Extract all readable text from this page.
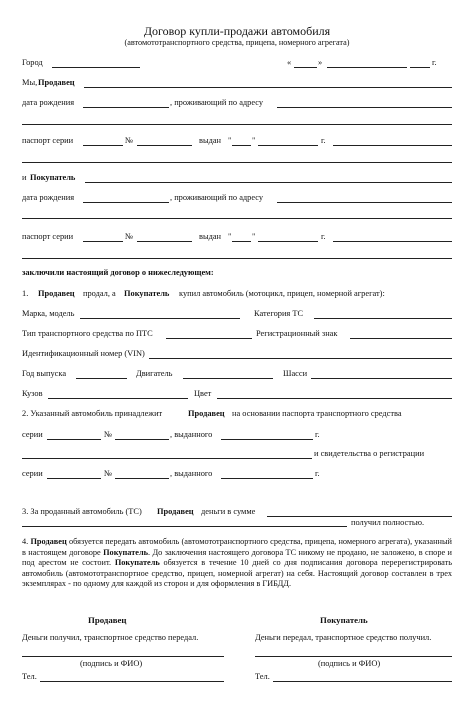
Договор купли-продажи автомобиля
(автомототранспортного средства, прицепа, номерного агрегата)
Город	«	»	г.
Мы, Продавец
дата рождения	, проживающий по адресу
паспорт серии	№	выдан " "	г.
и Покупатель
дата рождения	, проживающий по адресу
паспорт серии	№	выдан " "	г.
заключили настоящий договор о нижеследующем:
1. Продавец продал, а Покупатель купил автомобиль (мотоцикл, прицеп, номерной агрегат):
Марка, модель	Категория ТС
Тип транспортного средства по ПТС	Регистрационный знак
Идентификационный номер (VIN)
Год выпуска	Двигатель	Шасси
Кузов	Цвет
2. Указанный автомобиль принадлежит	Продавец на основании паспорта транспортного средства
серии	№	, выданного	г.
и свидетельства о регистрации
серии	№	, выданного	г.
3. За проданный автомобиль (ТС) Продавец деньги в сумме
получил полностью.
4. Продавец обязуется передать автомобиль (автомототранспортного средства, прицепа, номерного агрегата), указанный в настоящем договоре Покупатель. До заключения настоящего договора ТС никому не продано, не заложено, в споре и под арестом не состоит. Покупатель обязуется в течение 10 дней со дня подписания договора перерегистрировать автомобиль (автомототранспортное средство, прицеп, номерной агрегат) на себя. Настоящий договор составлен в трех экземплярах - по одному для каждой из сторон и для оформления в ГИБДД.
Продавец	Покупатель
Деньги получил, транспортное средство передал.	Деньги передал, транспортное средство получил.
(подпись и ФИО)	(подпись и ФИО)
Тел.	Тел.
